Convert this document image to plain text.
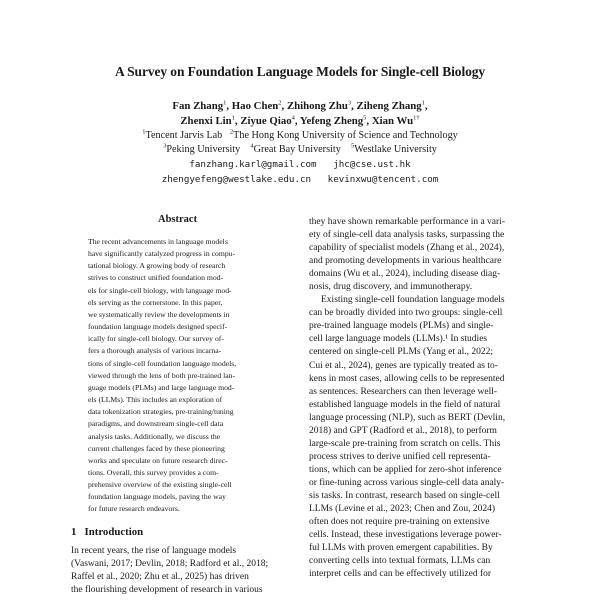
A Survey on Foundation Language Models for Single-cell Biology
Fan Zhang$^1$, Hao Chen$^2$, Zhihong Zhu$^3$, Ziheng Zhang$^1$,
Zhenxi Lin$^1$, Ziyue Qiao$^4$, Yefeng Zheng$^5$, Xian $Wu^{1\dagger}$
$^1$Tencent Jarvis Lab $^2$The Hong Kong University of Science and Technology
$^3$Peking University $^4$Great Bay University $^5$Westlake University
fanzhang.karl@gmail.com jhc@cse.ust.hk
zhengyefeng@westlake.edu.cn kevinxwu@tencent.com
Abstract
The recent advancements in language models
have significantly catalyzed progress in compu-
tational biology. A growing body of research
strives to construct unified foundation mod-
els for single-cell biology, with language mod-
els serving as the cornerstone. In this paper,
we systematically review the developments in
foundation language models designed specif-
ically for single-cell biology. Our survey of-
fers a thorough analysis of various incarna-
tions of single-cell foundation language models,
viewed through the lens of both pre-trained lan-
guage models (PLMs) and large language mod-
els (LLMs). This includes an exploration of
data tokenization strategies, pre-training/tuning
paradigms, and downstream single-cell data
analysis tasks. Additionally, we discuss the
current challenges faced by these pioneering
works and speculate on future research direc-
tions. Overall, this survey provides a com-
prehensive overview of the existing single-cell
foundation language models, paving the way
for future research endeavors.
1 Introduction
In recent years, the rise of language models
(Vaswani, 2017; Devlin, 2018; Radford et al., 2018;
Raffel et al., 2020; Zhu et al., 2025) has driven
the flourishing development of research in various
they have shown remarkable performance in a vari-
ety of single-cell data analysis tasks, surpassing the
capability of specialist models (Zhang et al., 2024),
and promoting developments in various healthcare
domains (Wu et al., 2024), including disease diag-
nosis, drug discovery, and immunotherapy.
Existing single-cell foundation language models
can be broadly divided into two groups: single-cell
pre-trained language models (PLMs) and single-
cell large language models (LLMs).¹ In studies
centered on single-cell PLMs (Yang et al., 2022;
Cui et al., 2024), genes are typically treated as to-
kens in most cases, allowing cells to be represented
as sentences. Researchers can then leverage well-
established language models in the field of natural
language processing (NLP), such as BERT (Devlin,
2018) and GPT (Radford et al., 2018), to perform
large-scale pre-training from scratch on cells. This
process strives to derive unified cell representa-
tions, which can be applied for zero-shot inference
or fine-tuning across various single-cell data analy-
sis tasks. In contrast, research based on single-cell
LLMs (Levine et al., 2023; Chen and Zou, 2024)
often does not require pre-training on extensive
cells. Instead, these investigations leverage power-
ful LLMs with proven emergent capabilities. By
converting cells into textual formats, LLMs can
interpret cells and can be effectively utilized for
